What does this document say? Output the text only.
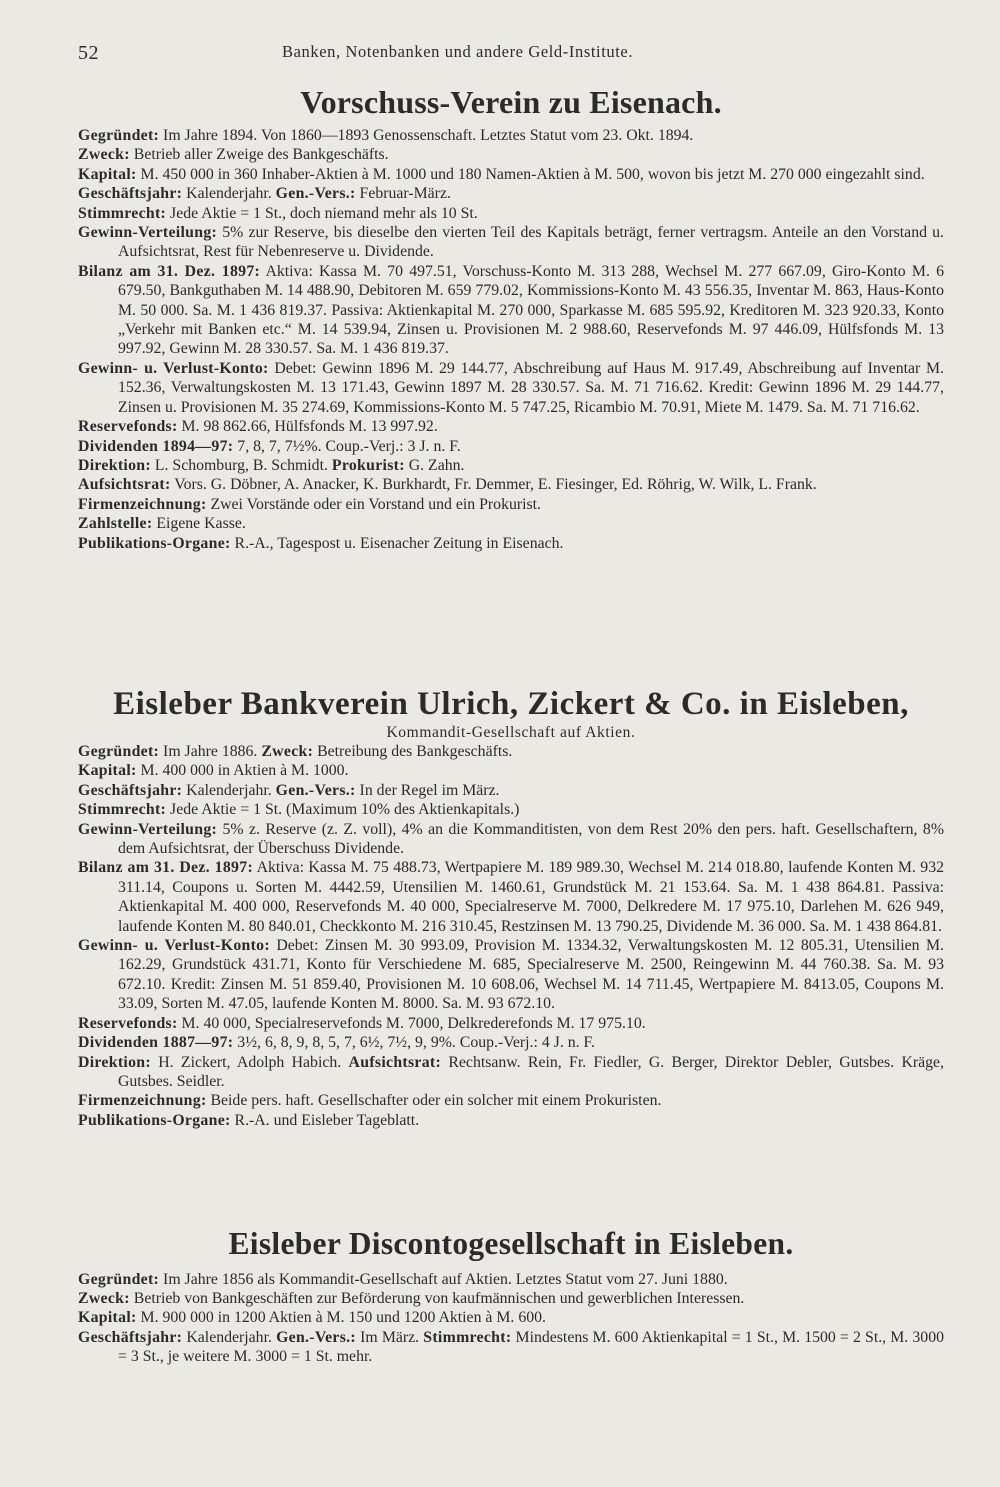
52	Banken, Notenbanken und andere Geld-Institute.
Vorschuss-Verein zu Eisenach.

Gegründet: Im Jahre 1894. Von 1860—1893 Genossenschaft. Letztes Statut vom 23. Okt. 1894.

Zweck: Betrieb aller Zweige des Bankgeschäfts.

Kapital: M. 450 000 in 360 Inhaber-Aktien à M. 1000 und 180 Namen-Aktien à M. 500, wovon bis jetzt M. 270 000 eingezahlt sind.

Geschäftsjahr: Kalenderjahr. Gen.-Vers.: Februar-März.

Stimmrecht: Jede Aktie = 1 St., doch niemand mehr als 10 St.

Gewinn-Verteilung: 5% zur Reserve, bis dieselbe den vierten Teil des Kapitals beträgt, ferner vertragsm. Anteile an den Vorstand u. Aufsichtsrat, Rest für Nebenreserve u. Dividende.

Bilanz am 31. Dez. 1897: Aktiva: Kassa M. 70 497.51, Vorschuss-Konto M. 313 288, Wechsel M. 277 667.09, Giro-Konto M. 6 679.50, Bankguthaben M. 14 488.90, Debitoren M. 659 779.02, Kommissions-Konto M. 43 556.35, Inventar M. 863, Haus-Konto M. 50 000. Sa. M. 1 436 819.37. Passiva: Aktienkapital M. 270 000, Sparkasse M. 685 595.92, Kreditoren M. 323 920.33, Konto „Verkehr mit Banken etc.“ M. 14 539.94, Zinsen u. Provisionen M. 2 988.60, Reservefonds M. 97 446.09, Hülfsfonds M. 13 997.92, Gewinn M. 28 330.57. Sa. M. 1 436 819.37.

Gewinn- u. Verlust-Konto: Debet: Gewinn 1896 M. 29 144.77, Abschreibung auf Haus M. 917.49, Abschreibung auf Inventar M. 152.36, Verwaltungskosten M. 13 171.43, Gewinn 1897 M. 28 330.57. Sa. M. 71 716.62. Kredit: Gewinn 1896 M. 29 144.77, Zinsen u. Provisionen M. 35 274.69, Kommissions-Konto M. 5 747.25, Ricambio M. 70.91, Miete M. 1479. Sa. M. 71 716.62.

Reservefonds: M. 98 862.66, Hülfsfonds M. 13 997.92.

Dividenden 1894—97: 7, 8, 7, 7½%. Coup.-Verj.: 3 J. n. F.

Direktion: L. Schomburg, B. Schmidt. Prokurist: G. Zahn.

Aufsichtsrat: Vors. G. Döbner, A. Anacker, K. Burkhardt, Fr. Demmer, E. Fiesinger, Ed. Röhrig, W. Wilk, L. Frank.

Firmenzeichnung: Zwei Vorstände oder ein Vorstand und ein Prokurist.

Zahlstelle: Eigene Kasse.

Publikations-Organe: R.-A., Tagespost u. Eisenacher Zeitung in Eisenach.

Eisleber Bankverein Ulrich, Zickert & Co. in Eisleben,
Kommandit-Gesellschaft auf Aktien.

Gegründet: Im Jahre 1886. Zweck: Betreibung des Bankgeschäfts.

Kapital: M. 400 000 in Aktien à M. 1000.

Geschäftsjahr: Kalenderjahr. Gen.-Vers.: In der Regel im März.

Stimmrecht: Jede Aktie = 1 St. (Maximum 10% des Aktienkapitals.)

Gewinn-Verteilung: 5% z. Reserve (z. Z. voll), 4% an die Kommanditisten, von dem Rest 20% den pers. haft. Gesellschaftern, 8% dem Aufsichtsrat, der Überschuss Dividende.

Bilanz am 31. Dez. 1897: Aktiva: Kassa M. 75 488.73, Wertpapiere M. 189 989.30, Wechsel M. 214 018.80, laufende Konten M. 932 311.14, Coupons u. Sorten M. 4442.59, Utensilien M. 1460.61, Grundstück M. 21 153.64. Sa. M. 1 438 864.81. Passiva: Aktienkapital M. 400 000, Reservefonds M. 40 000, Specialreserve M. 7000, Delkredere M. 17 975.10, Darlehen M. 626 949, laufende Konten M. 80 840.01, Checkkonto M. 216 310.45, Restzinsen M. 13 790.25, Dividende M. 36 000. Sa. M. 1 438 864.81.

Gewinn- u. Verlust-Konto: Debet: Zinsen M. 30 993.09, Provision M. 1334.32, Verwaltungskosten M. 12 805.31, Utensilien M. 162.29, Grundstück 431.71, Konto für Verschiedene M. 685, Specialreserve M. 2500, Reingewinn M. 44 760.38. Sa. M. 93 672.10. Kredit: Zinsen M. 51 859.40, Provisionen M. 10 608.06, Wechsel M. 14 711.45, Wertpapiere M. 8413.05, Coupons M. 33.09, Sorten M. 47.05, laufende Konten M. 8000. Sa. M. 93 672.10.

Reservefonds: M. 40 000, Specialreservefonds M. 7000, Delkrederefonds M. 17 975.10.

Dividenden 1887—97: 3½, 6, 8, 9, 8, 5, 7, 6½, 7½, 9, 9%. Coup.-Verj.: 4 J. n. F.

Direktion: H. Zickert, Adolph Habich. Aufsichtsrat: Rechtsanw. Rein, Fr. Fiedler, G. Berger, Direktor Debler, Gutsbes. Kräge, Gutsbes. Seidler.

Firmenzeichnung: Beide pers. haft. Gesellschafter oder ein solcher mit einem Prokuristen.

Publikations-Organe: R.-A. und Eisleber Tageblatt.

Eisleber Discontogesellschaft in Eisleben.

Gegründet: Im Jahre 1856 als Kommandit-Gesellschaft auf Aktien. Letztes Statut vom 27. Juni 1880.

Zweck: Betrieb von Bankgeschäften zur Beförderung von kaufmännischen und gewerblichen Interessen.

Kapital: M. 900 000 in 1200 Aktien à M. 150 und 1200 Aktien à M. 600.

Geschäftsjahr: Kalenderjahr. Gen.-Vers.: Im März. Stimmrecht: Mindestens M. 600 Aktienkapital = 1 St., M. 1500 = 2 St., M. 3000 = 3 St., je weitere M. 3000 = 1 St. mehr.
